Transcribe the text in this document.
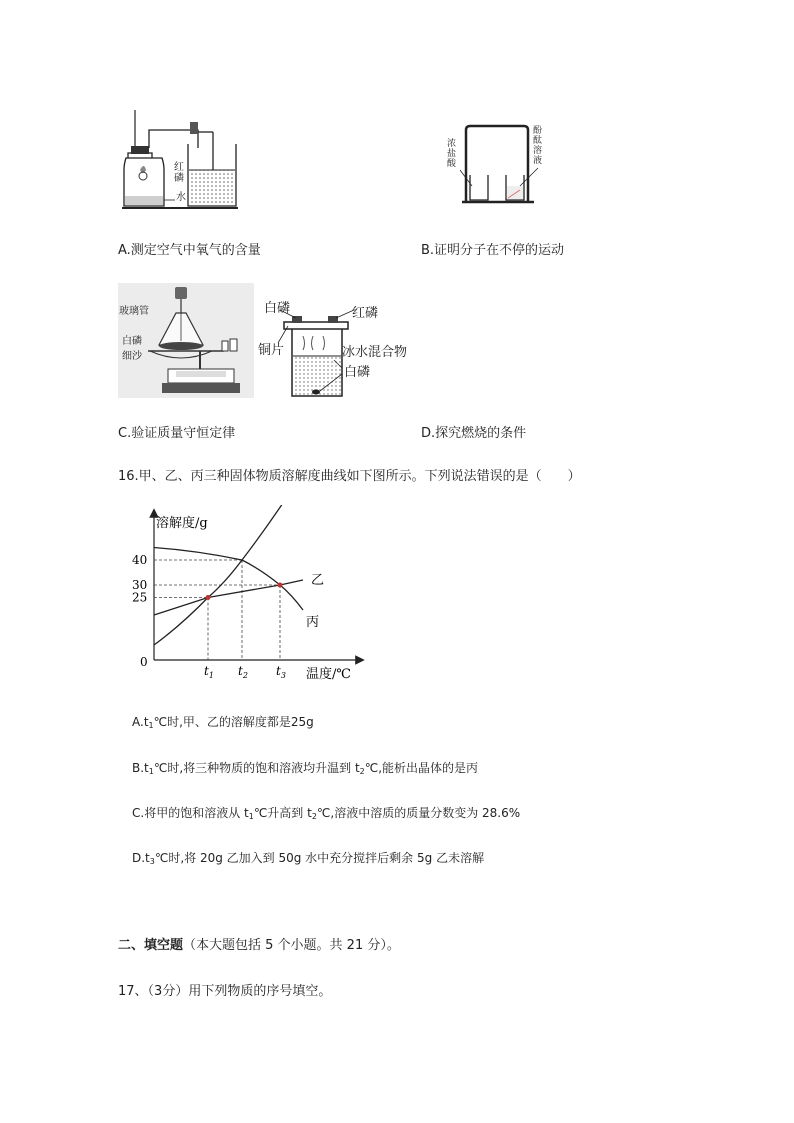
红
磷
水
浓
盐
酸
酚
酞
溶
液
A.测定空气中氧气的含量	B.证明分子在不停的运动
玻璃管
白磷
细沙
白磷	红磷
铜片	冰水混合物
白磷
C.验证质量守恒定律	D.探究燃烧的条件
16.甲、乙、丙三种固体物质溶解度曲线如下图所示。下列说法错误的是（　　）
25
30
40
$t_1$ $t_2$ $t_3$
乙
丙
溶解度/g
温度/℃
0
$A.t_1℃$时,甲、乙的溶解度都是25g
$B.t_1℃$时,将三种物质的饱和溶液均升温到 $t_2℃$,能析出晶体的是丙
C.将甲的饱和溶液从 $t_1℃$升高到 $t_2℃$,溶液中溶质的质量分数变为 28.6%
$D.t_3℃$时,将 20g 乙加入到 50g 水中充分搅拌后剩余 5g 乙未溶解
二、填空题（本大题包括 5 个小题。共 21 分）。
17、（3分）用下列物质的序号填空。
